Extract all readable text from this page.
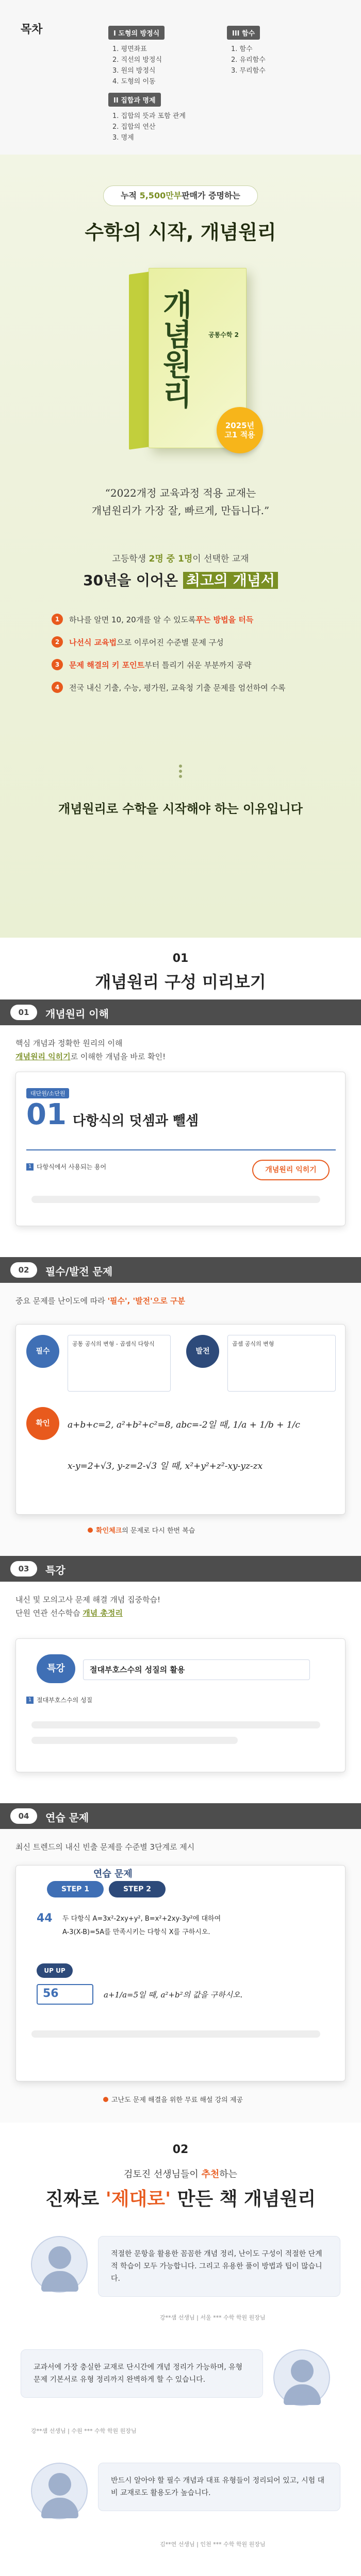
목차	I 도형의 방정식
1. 평면좌표
2. 직선의 방정식
3. 원의 방정식
4. 도형의 이동
III 함수
1. 함수
2. 유리함수
3. 무리함수
II 집합과 명제
1. 집합의 뜻과 포함 관계
2. 집합의 연산
3. 명제
누적 5,500만부판매가 증명하는
수학의 시작, 개념원리
개념원리	공통수학 2
2025년
고1 적용
“2022개정 교육과정 적용 교재는
개념원리가 가장 잘, 빠르게, 만듭니다.”
고등학생 2명 중 1명이 선택한 교재
30년을 이어온 최고의 개념서
1	하나를 알면 10, 20개를 알 수 있도록 푸는 방법을 터득
2	나선식 교육법 으로 이루어진 수준별 문제 구성
3	문제 해결의 키 포인트 부터 틀리기 쉬운 부분까지 공략
4	전국 내신 기출, 수능, 평가원, 교육청 기출 문제를 엄선하여 수록
개념원리로 수학을 시작해야 하는 이유입니다
01
개념원리 구성 미리보기
01	개념원리 이해
핵심 개념과 정확한 원리의 이해
개념원리 익히기로 이해한 개념을 바로 확인!
대단원/소단원
01 다항식의 덧셈과 뺄셈
1 다항식에서 사용되는 용어	개념원리 익히기
02	필수/발전 문제
중요 문제를 난이도에 따라 '필수', '발전'으로 구분
필수
공통 공식의 변형 - 곱셈식 다항식
발전
곱셈 공식의 변형
확인	a+b+c=2, a²+b²+c²=8, abc=-2일 때, 1/a + 1/b + 1/c
x-y=2+√3, y-z=2-√3 일 때, x²+y²+z²-xy-yz-zx
확인체크 의 문제 로 다시 한번 복습
03	특강
내신 및 모의고사 문제 해결 개념 집중학습!
단원 연관 선수학습 개념 총정리
특강	절대부호스수의 성질의 활용
1 절대부호스수의 성질
04	연습 문제
최신 트렌드의 내신 빈출 문제를 수준별 3단계로 제시
연습 문제
STEP 1	STEP 2
44 두 다항식 A=3x²-2xy+y², B=x²+2xy-3y²에 대하여
A-3(X-B)=5A를 만족시키는 다항식 X를 구하시오.
UP UP
56	a+1/a=5일 때, a²+b²의 값을 구하시오.
고난도 문제 해결을 위한 무료 해설 강의 제공
02
검토진 선생님들이 추천하는
진짜로 '제대로' 만든 책 개념원리
적절한 문항을 활용한 꼼꼼한 개념 정리, 난이도 구성이 적절한 단계적 학습이 모두 가능합니다. 그리고 유용한 풀이 방법과 팁이 많습니다.
강**샘 선생님 | 서울 *** 수학 학원 원장님
교과서에 가장 충실한 교재로 단시간에 개념 정리가 가능하며, 유형 문제 기본서로 유형 정리까지 완벽하게 할 수 있습니다.
강**샘 선생님 | 수원 *** 수학 학원 원장님
반드시 알아야 할 필수 개념과 대표 유형들이 정리되어 있고, 시험 대비 교재로도 활용도가 높습니다.
김**연 선생님 | 인천 *** 수학 학원 원장님
